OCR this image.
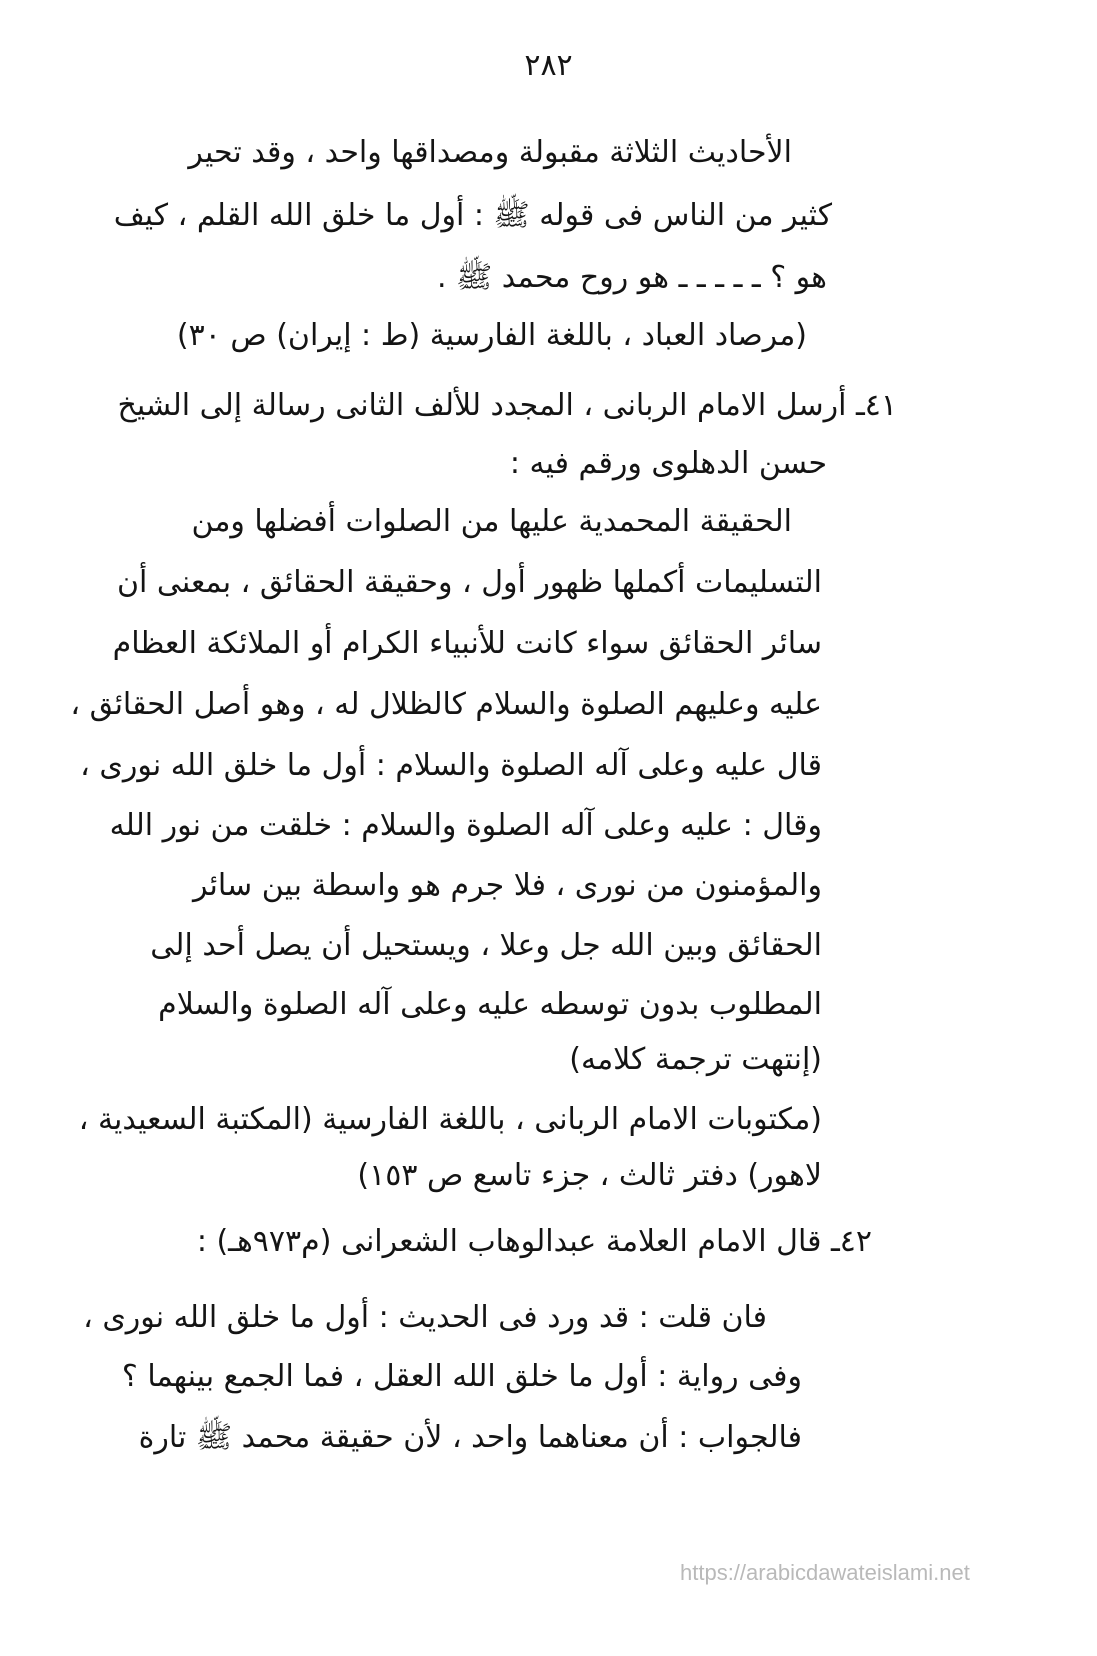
٢٨٢
الأحاديث الثلاثة مقبولة ومصداقها واحد ، وقد تحير
كثير من الناس فى قوله ﷺ : أول ما خلق الله القلم ، كيف
هو ؟ ـ ـ ـ ـ ـ هو روح محمد ﷺ .
(مرصاد العباد ، باللغة الفارسية (ط : إيران) ص ٣٠)
٤١ـ أرسل الامام الربانى ، المجدد للألف الثانى رسالة إلى الشيخ
حسن الدهلوى ورقم فيه :
الحقيقة المحمدية عليها من الصلوات أفضلها ومن
التسليمات أكملها ظهور أول ، وحقيقة الحقائق ، بمعنى أن
سائر الحقائق سواء كانت للأنبياء الكرام أو الملائكة العظام
عليه وعليهم الصلوة والسلام كالظلال له ، وهو أصل الحقائق ،
قال عليه وعلى آله الصلوة والسلام : أول ما خلق الله نورى ،
وقال : عليه وعلى آله الصلوة والسلام : خلقت من نور الله
والمؤمنون من نورى ، فلا جرم هو واسطة بين سائر
الحقائق وبين الله جل وعلا ، ويستحيل أن يصل أحد إلى
المطلوب بدون توسطه عليه وعلى آله الصلوة والسلام
(إنتهت ترجمة كلامه)
(مكتوبات الامام الربانى ، باللغة الفارسية (المكتبة السعيدية ،
لاهور) دفتر ثالث ، جزء تاسع ص ١٥٣)
٤٢ـ قال الامام العلامة عبدالوهاب الشعرانى (م٩٧٣هـ) :
فان قلت : قد ورد فى الحديث : أول ما خلق الله نورى ،
وفى رواية : أول ما خلق الله العقل ، فما الجمع بينهما ؟
فالجواب : أن معناهما واحد ، لأن حقيقة محمد ﷺ تارة
https://arabicdawateislami.net
